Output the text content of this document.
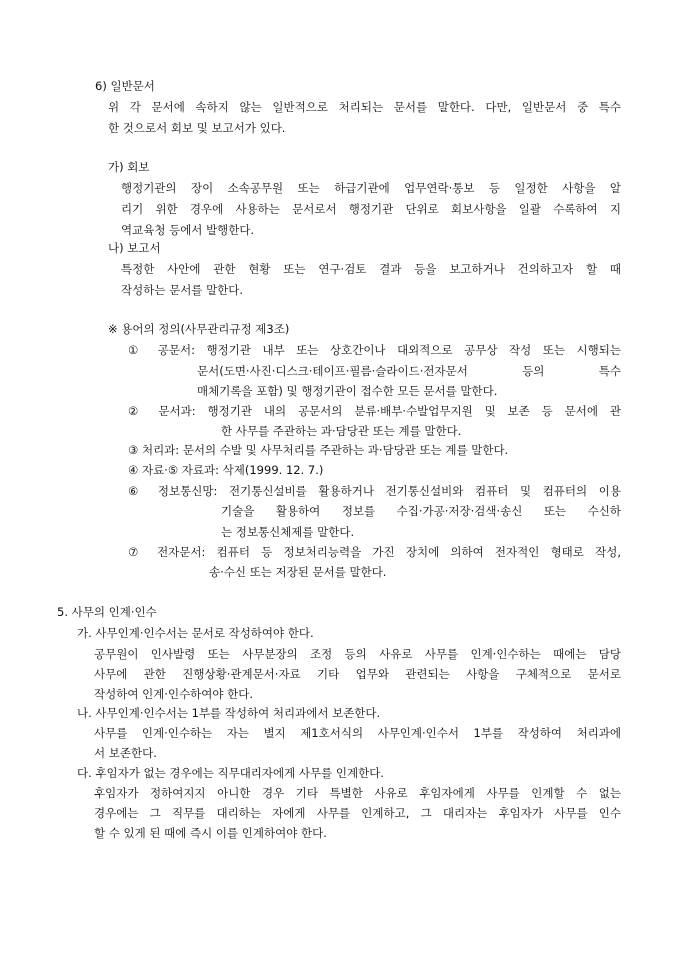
6) 일반문서
위 각 문서에 속하지 않는 일반적으로 처리되는 문서를 말한다. 다만, 일반문서 중 특수
한 것으로서 회보 및 보고서가 있다.
가) 회보
행정기관의 장이 소속공무원 또는 하급기관에 업무연락·통보 등 일정한 사항을 알
리기 위한 경우에 사용하는 문서로서 행정기관 단위로 회보사항을 일괄 수록하여 지
역교육청 등에서 발행한다.
나) 보고서
특정한 사안에 관한 현황 또는 연구·검토 결과 등을 보고하거나 건의하고자 할 때
작성하는 문서를 말한다.
※ 용어의 정의(사무관리규정 제3조)
① 공문서: 행정기관 내부 또는 상호간이나 대외적으로 공무상 작성 또는 시행되는
문서(도면·사진·디스크·테이프·필름·슬라이드·전자문서 등의 특수
매체기록을 포함) 및 행정기관이 접수한 모든 문서를 말한다.
② 문서과: 행정기관 내의 공문서의 분류·배부·수발업무지원 및 보존 등 문서에 관
한 사무를 주관하는 과·담당관 또는 계를 말한다.
③ 처리과: 문서의 수발 및 사무처리를 주관하는 과·담당관 또는 계를 말한다.
④ 자료·⑤ 자료과: 삭제(1999. 12. 7.)
⑥ 정보통신망: 전기통신설비를 활용하거나 전기통신설비와 컴퓨터 및 컴퓨터의 이용
기술을 활용하여 정보를 수집·가공·저장·검색·송신 또는 수신하
는 정보통신체제를 말한다.
⑦ 전자문서: 컴퓨터 등 정보처리능력을 가진 장치에 의하여 전자적인 형태로 작성,
송·수신 또는 저장된 문서를 말한다.
5. 사무의 인계·인수
가. 사무인계·인수서는 문서로 작성하여야 한다.
공무원이 인사발령 또는 사무분장의 조정 등의 사유로 사무를 인계·인수하는 때에는 담당
사무에 관한 진행상황·관계문서·자료 기타 업무와 관련되는 사항을 구체적으로 문서로
작성하여 인계·인수하여야 한다.
나. 사무인계·인수서는 1부를 작성하여 처리과에서 보존한다.
사무를 인계·인수하는 자는 별지 제1호서식의 사무인계·인수서 1부를 작성하여 처리과에
서 보존한다.
다. 후임자가 없는 경우에는 직무대리자에게 사무를 인계한다.
후임자가 정하여지지 아니한 경우 기타 특별한 사유로 후임자에게 사무를 인계할 수 없는
경우에는 그 직무를 대리하는 자에게 사무를 인계하고, 그 대리자는 후임자가 사무를 인수
할 수 있게 된 때에 즉시 이를 인계하여야 한다.
